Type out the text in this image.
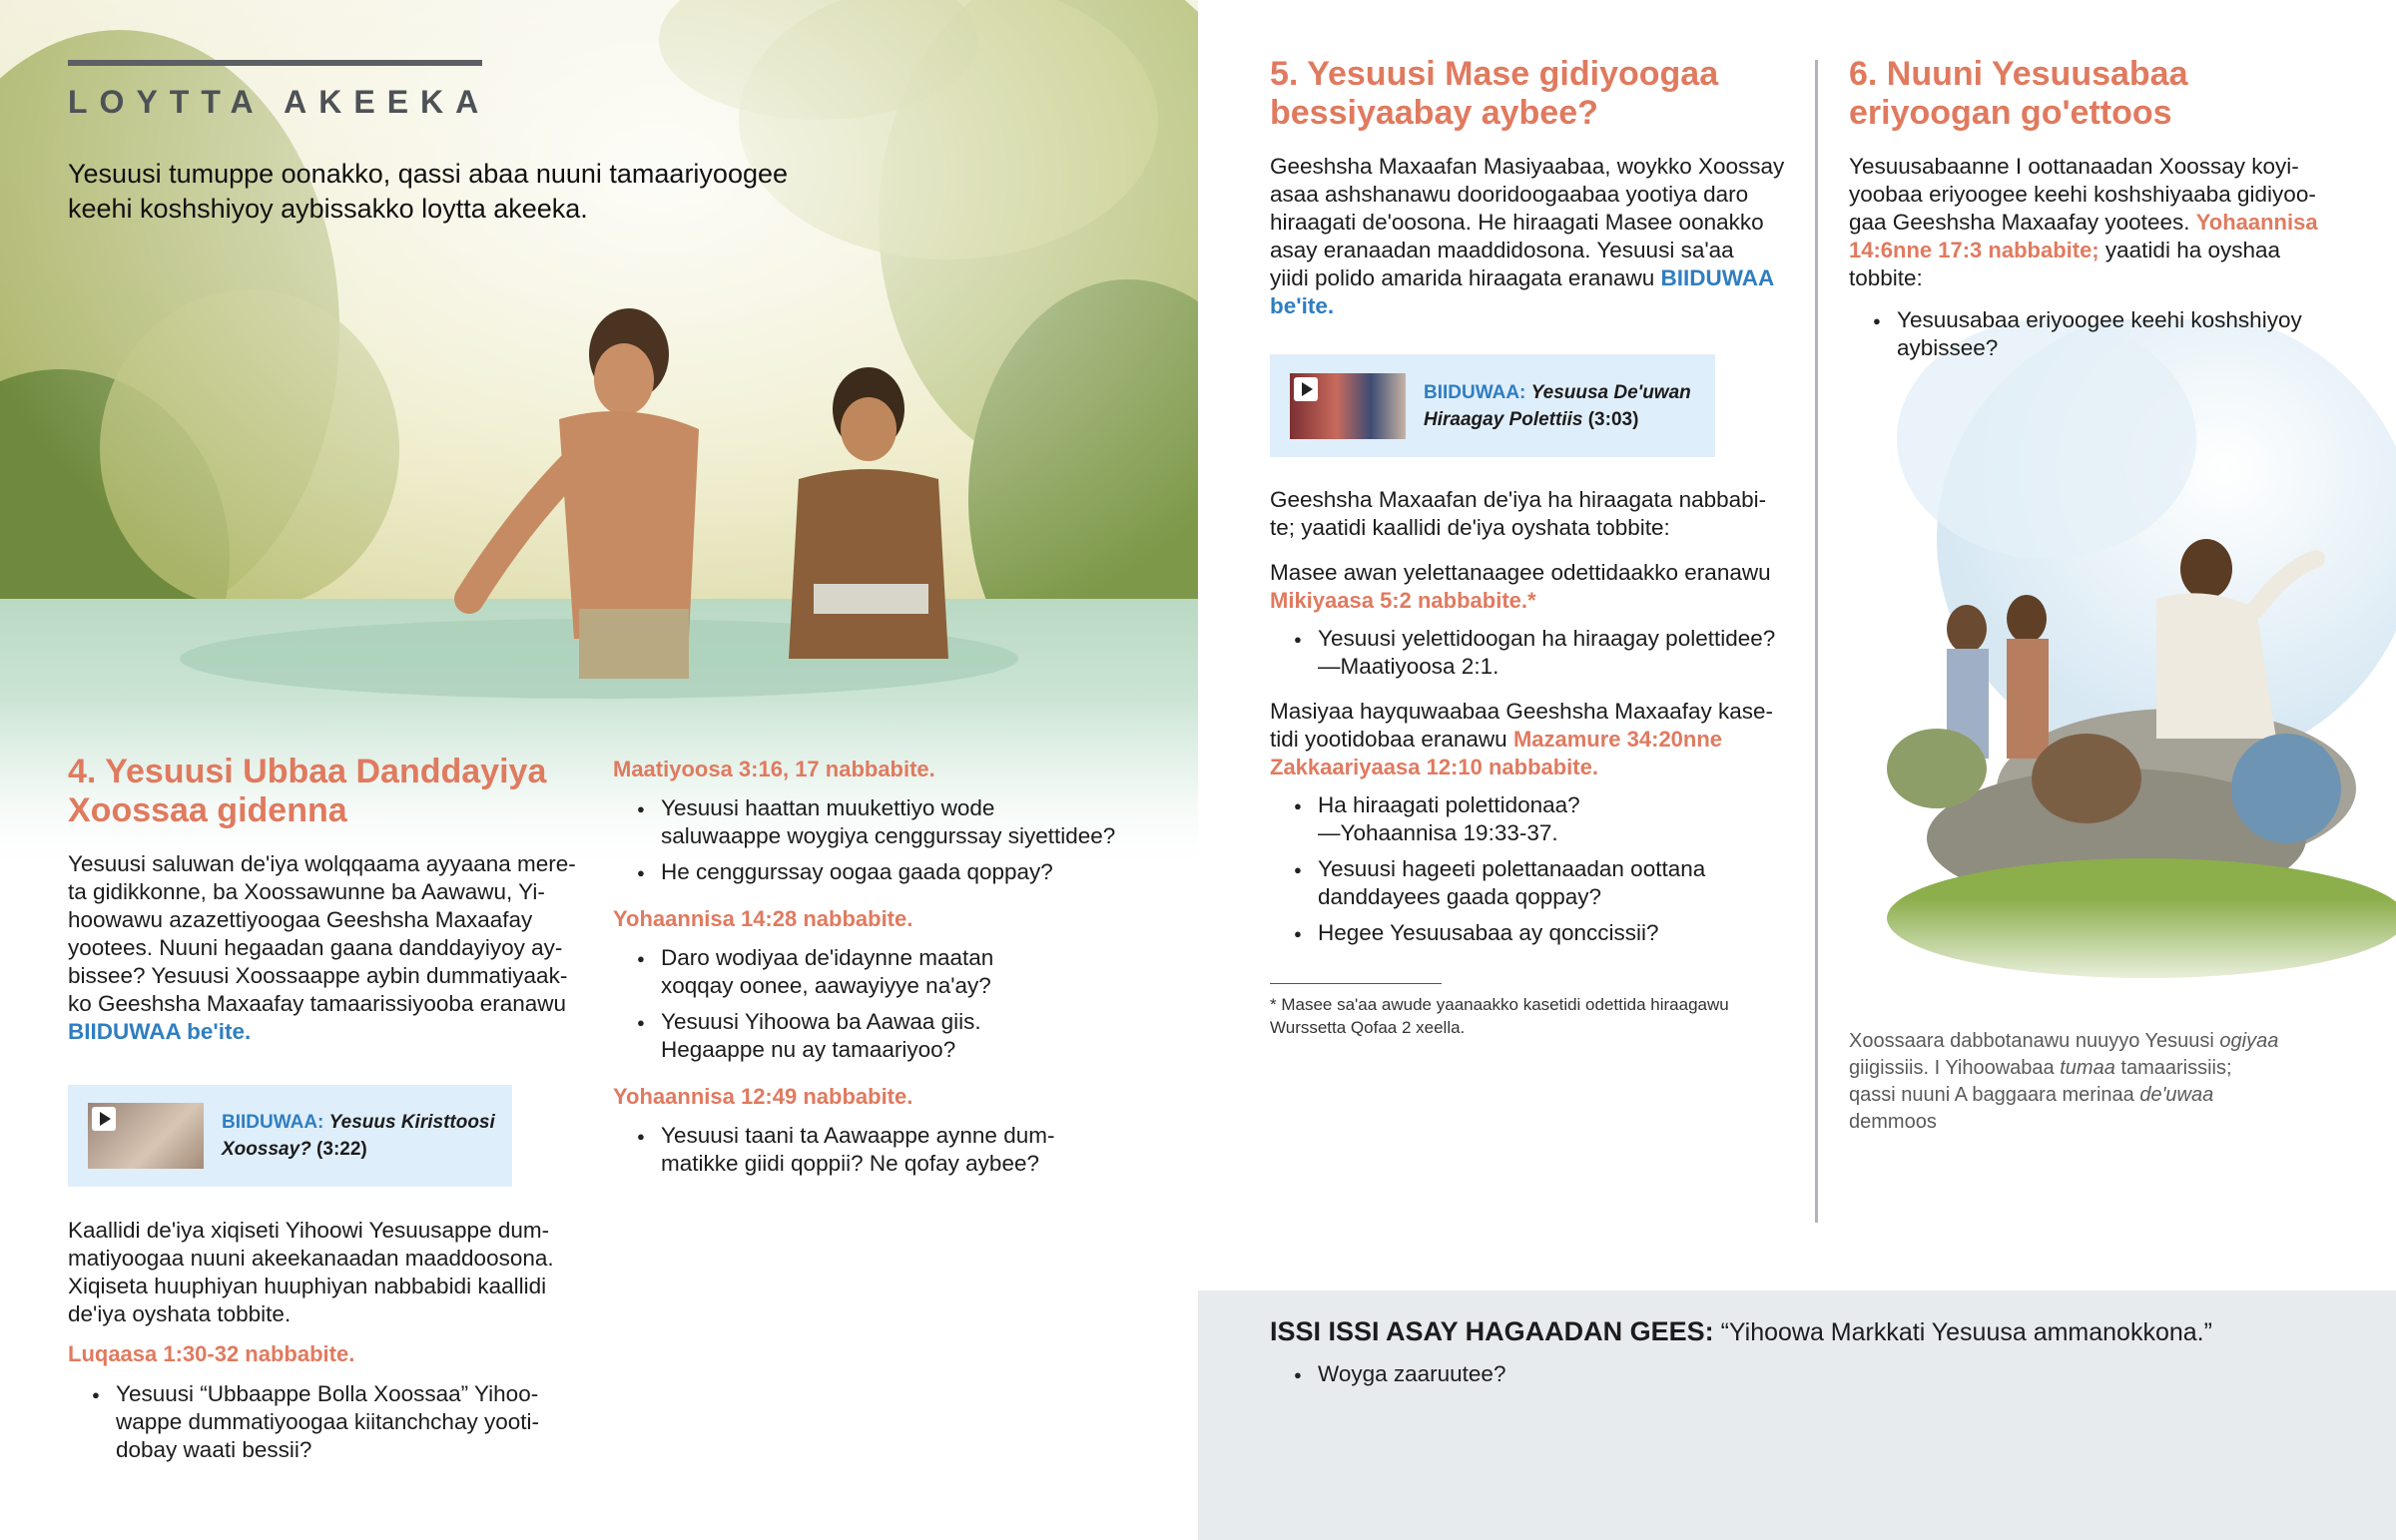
LOYTTA AKEEKA
Yesuusi tumuppe oonakko, qassi abaa nuuni tamaariyoogee
keehi koshshiyoy aybissakko loytta akeeka.
4. Yesuusi Ubbaa Danddayiya
Xoossaa gidenna
Yesuusi saluwan de'iya wolqqaama ayyaana mere-
ta gidikkonne, ba Xoossawunne ba Aawawu, Yi-
hoowawu azazettiyoogaa Geeshsha Maxaafay
yootees. Nuuni hegaadan gaana danddayiyoy ay-
bissee? Yesuusi Xoossaappe aybin dummatiyaak-
ko Geeshsha Maxaafay tamaarissiyooba eranawu
BIIDUWAA be'ite.
BIIDUWAA: Yesuus Kiristtoosi
Xoossay? (3:22)
Kaallidi de'iya xiqiseti Yihoowi Yesuusappe dum-
matiyoogaa nuuni akeekanaadan maaddoosona.
Xiqiseta huuphiyan huuphiyan nabbabidi kaallidi
de'iya oyshata tobbite.
Luqaasa 1:30-32 nabbabite.
● Yesuusi “Ubbaappe Bolla Xoossaa” Yihoo-
wappe dummatiyoogaa kiitanchchay yooti-
dobay waati bessii?
Maatiyoosa 3:16, 17 nabbabite.
● Yesuusi haattan muukettiyo wode
saluwaappe woygiya cenggurssay siyettidee?
● He cenggurssay oogaa gaada qoppay?
Yohaannisa 14:28 nabbabite.
● Daro wodiyaa de'idaynne maatan
xoqqay oonee, aawayiyye na'ay?
● Yesuusi Yihoowa ba Aawaa giis.
Hegaappe nu ay tamaariyoo?
Yohaannisa 12:49 nabbabite.
● Yesuusi taani ta Aawaappe aynne dum-
matikke giidi qoppii? Ne qofay aybee?
5. Yesuusi Mase gidiyoogaa
bessiyaabay aybee?
Geeshsha Maxaafan Masiyaabaa, woykko Xoossay
asaa ashshanawu dooridoogaabaa yootiya daro
hiraagati de'oosona. He hiraagati Masee oonakko
asay eranaadan maaddidosona. Yesuusi sa'aa
yiidi polido amarida hiraagata eranawu BIIDUWAA
be'ite.
BIIDUWAA: Yesuusa De'uwan
Hiraagay Polettiis (3:03)
Geeshsha Maxaafan de'iya ha hiraagata nabbabi-
te; yaatidi kaallidi de'iya oyshata tobbite:
Masee awan yelettanaagee odettidaakko eranawu
Mikiyaasa 5:2 nabbabite.*
● Yesuusi yelettidoogan ha hiraagay polettidee?
—Maatiyoosa 2:1.
Masiyaa hayquwaabaa Geeshsha Maxaafay kase-
tidi yootidobaa eranawu Mazamure 34:20nne
Zakkaariyaasa 12:10 nabbabite.
● Ha hiraagati polettidonaa?
—Yohaannisa 19:33-37.
● Yesuusi hageeti polettanaadan oottana
danddayees gaada qoppay?
● Hegee Yesuusabaa ay qonccissii?
* Masee sa'aa awude yaanaakko kasetidi odettida hiraagawu
Wurssetta Qofaa 2 xeella.
6. Nuuni Yesuusabaa
eriyoogan go'ettoos
Yesuusabaanne I oottanaadan Xoossay koyi-
yoobaa eriyoogee keehi koshshiyaaba gidiyoo-
gaa Geeshsha Maxaafay yootees. Yohaannisa
14:6nne 17:3 nabbabite; yaatidi ha oyshaa
tobbite:
● Yesuusabaa eriyoogee keehi koshshiyoy
aybissee?
Xoossaara dabbotanawu nuuyyo Yesuusi ogiyaa
giigissiis. I Yihoowabaa tumaa tamaarissiis;
qassi nuuni A baggaara merinaa de'uwaa
demmoos
ISSI ISSI ASAY HAGAADAN GEES: “Yihoowa Markkati Yesuusa ammanokkona.”
● Woyga zaaruutee?
